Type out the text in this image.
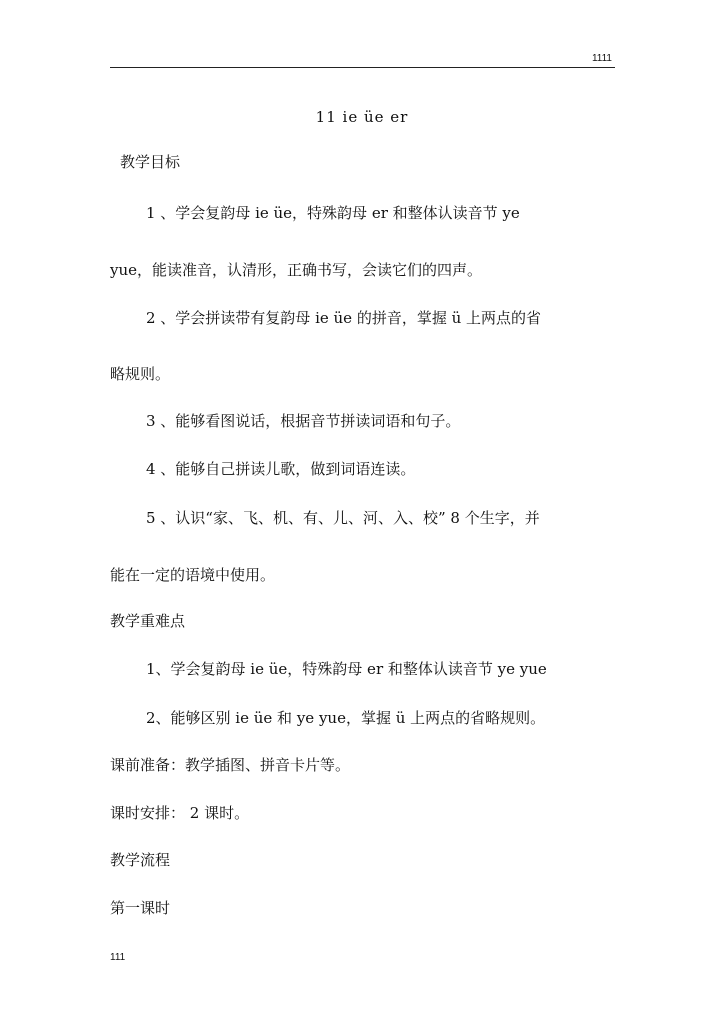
1111
11 ie üe er
教学目标
1 、学会复韵母 ie üe，特殊韵母 er 和整体认读音节 ye
yue，能读准音，认清形，正确书写，会读它们的四声。
2 、学会拼读带有复韵母 ie üe 的拼音，掌握 ü 上两点的省
略规则。
3 、能够看图说话，根据音节拼读词语和句子。
4 、能够自己拼读儿歌，做到词语连读。
5 、认识“家、飞、机、有、儿、河、入、校” 8 个生字，并
能在一定的语境中使用。
教学重难点
1、学会复韵母 ie üe，特殊韵母 er 和整体认读音节 ye yue
2、能够区别 ie üe 和 ye yue，掌握 ü 上两点的省略规则。
课前准备：教学插图、拼音卡片等。
课时安排： 2 课时。
教学流程
第一课时
111
